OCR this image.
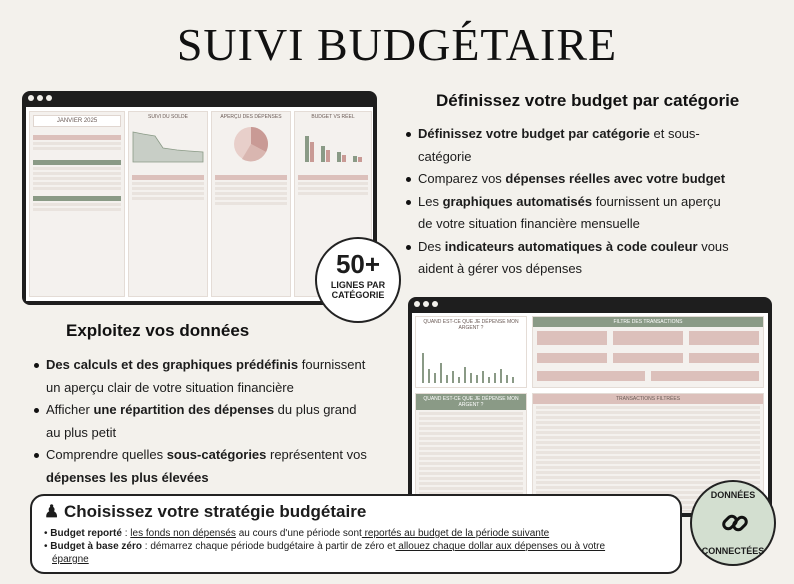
SUIVI BUDGÉTAIRE
JANVIER 2025
SUIVI DU SOLDE	APERÇU DES DÉPENSES	BUDGET VS RÉEL
50+
LIGNES PAR
CATÉGORIE
Définissez votre budget par catégorie
Définissez votre budget par catégorie et sous-
catégorie
Comparez vos dépenses réelles avec votre budget
Les graphiques automatisés fournissent un aperçu
de votre situation financière mensuelle
Des indicateurs automatiques à code couleur vous
aident à gérer vos dépenses
Exploitez vos données
Des calculs et des graphiques prédéfinis fournissent
un aperçu clair de votre situation financière
Afficher une répartition des dépenses du plus grand
au plus petit
Comprendre quelles sous-catégories représentent vos
dépenses les plus élevées
QUAND EST-CE QUE JE DÉPENSE MON ARGENT ?
FILTRE DES TRANSACTIONS
QUAND EST-CE QUE JE DÉPENSE MON ARGENT ?
TRANSACTIONS FILTRÉES
DONNÉES
CONNECTÉES
♟ Choisissez votre stratégie budgétaire
• Budget reporté : les fonds non dépensés au cours d'une période sont reportés au budget de la période suivante
• Budget à base zéro : démarrez chaque période budgétaire à partir de zéro et allouez chaque dollar aux dépenses ou à votre
épargne
